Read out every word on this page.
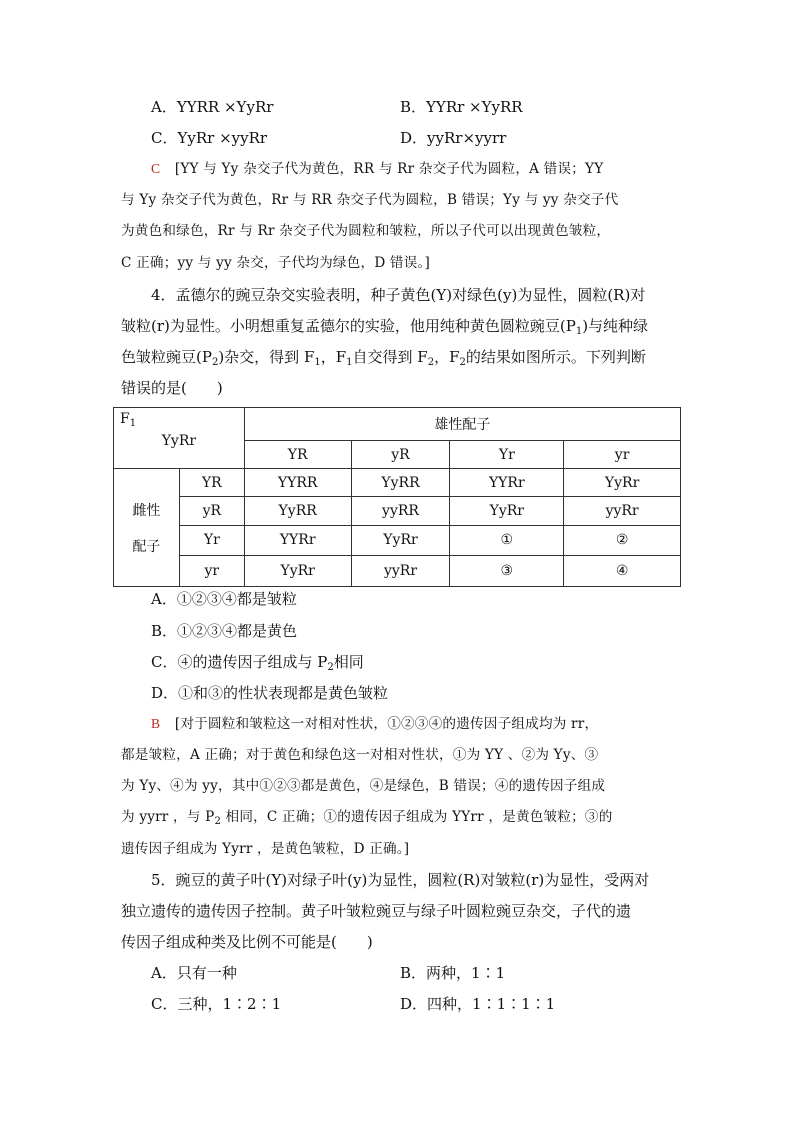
A．YYRR ×YyRr	B．YYRr ×YyRR
C．YyRr ×yyRr	D．yyRr×yyrr
C [YY 与 Yy 杂交子代为黄色，RR 与 Rr 杂交子代为圆粒，A 错误；YY
与 Yy 杂交子代为黄色，Rr 与 RR 杂交子代为圆粒，B 错误；Yy 与 yy 杂交子代
为黄色和绿色，Rr 与 Rr 杂交子代为圆粒和皱粒，所以子代可以出现黄色皱粒，
C 正确；yy 与 yy 杂交，子代均为绿色，D 错误。]
4．孟德尔的豌豆杂交实验表明，种子黄色(Y)对绿色(y)为显性，圆粒(R)对
皱粒(r)为显性。小明想重复孟德尔的实验，他用纯种黄色圆粒豌豆$(P_1)$与纯种绿
色皱粒豌豆$(P_2)$杂交，得到 $F_1$，$F_1$自交得到 $F_2$，$F_2$的结果如图所示。下列判断
错误的是(　　)
$F_1$
YyRr		雄性配子			
		YR	yR	Yr	yr
雌性

配子	YR	YYRR	YyRR	YYRr	YyRr
	yR	YyRR	yyRR	YyRr	yyRr
	Yr	YYRr	YyRr	①	②
	yr	YyRr	yyRr	③	④
A．①②③④都是皱粒
B．①②③④都是黄色
C．④的遗传因子组成与 $P_2$相同
D．①和③的性状表现都是黄色皱粒
B [对于圆粒和皱粒这一对相对性状，①②③④的遗传因子组成均为 rr，
都是皱粒，A 正确；对于黄色和绿色这一对相对性状，①为 YY 、②为 Yy、③
为 Yy、④为 yy，其中①②③都是黄色，④是绿色，B 错误；④的遗传因子组成
为 yyrr ，与 $P_2$ 相同，C 正确；①的遗传因子组成为 YYrr ，是黄色皱粒；③的
遗传因子组成为 Yyrr ，是黄色皱粒，D 正确。]
5．豌豆的黄子叶(Y)对绿子叶(y)为显性，圆粒(R)对皱粒(r)为显性，受两对
独立遗传的遗传因子控制。黄子叶皱粒豌豆与绿子叶圆粒豌豆杂交，子代的遗
传因子组成种类及比例不可能是(　　)
A．只有一种	B．两种，1∶1
C．三种，1∶2∶1	D．四种，1∶1∶1∶1
